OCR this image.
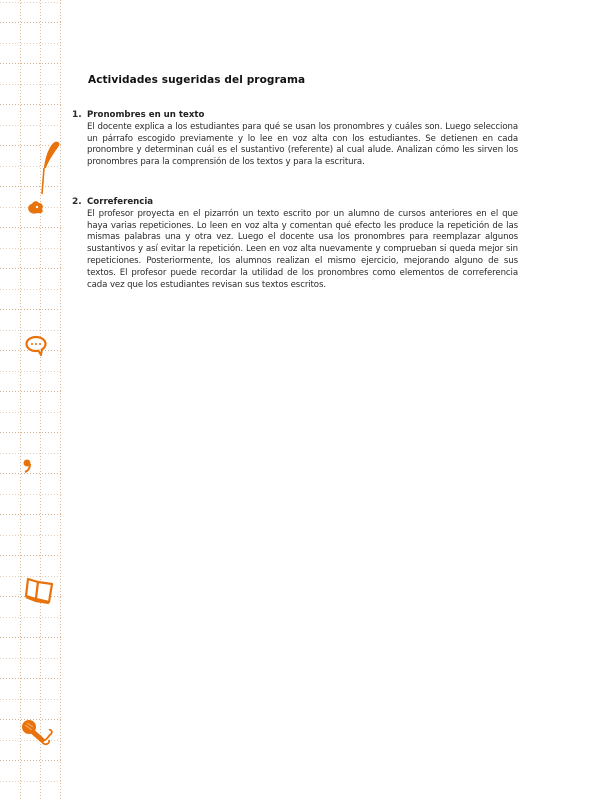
Actividades sugeridas del programa
1. Pronombres en un texto
El docente explica a los estudiantes para qué se usan los pronombres y cuáles son. Luego selecciona un párrafo escogido previamente y lo lee en voz alta con los estudiantes. Se detienen en cada pronombre y determinan cuál es el sustantivo (referente) al cual alude. Analizan cómo les sirven los pronombres para la comprensión de los textos y para la escritura.
2. Correferencia
El profesor proyecta en el pizarrón un texto escrito por un alumno de cursos anteriores en el que haya varias repeticiones. Lo leen en voz alta y comentan qué efecto les produce la repetición de las mismas palabras una y otra vez. Luego el docente usa los pronombres para reemplazar algunos sustantivos y así evitar la repetición. Leen en voz alta nuevamente y comprueban si queda mejor sin repeticiones. Posteriormente, los alumnos realizan el mismo ejercicio, mejorando alguno de sus textos. El profesor puede recordar la utilidad de los pronombres como elementos de correferencia cada vez que los estudiantes revisan sus textos escritos.
